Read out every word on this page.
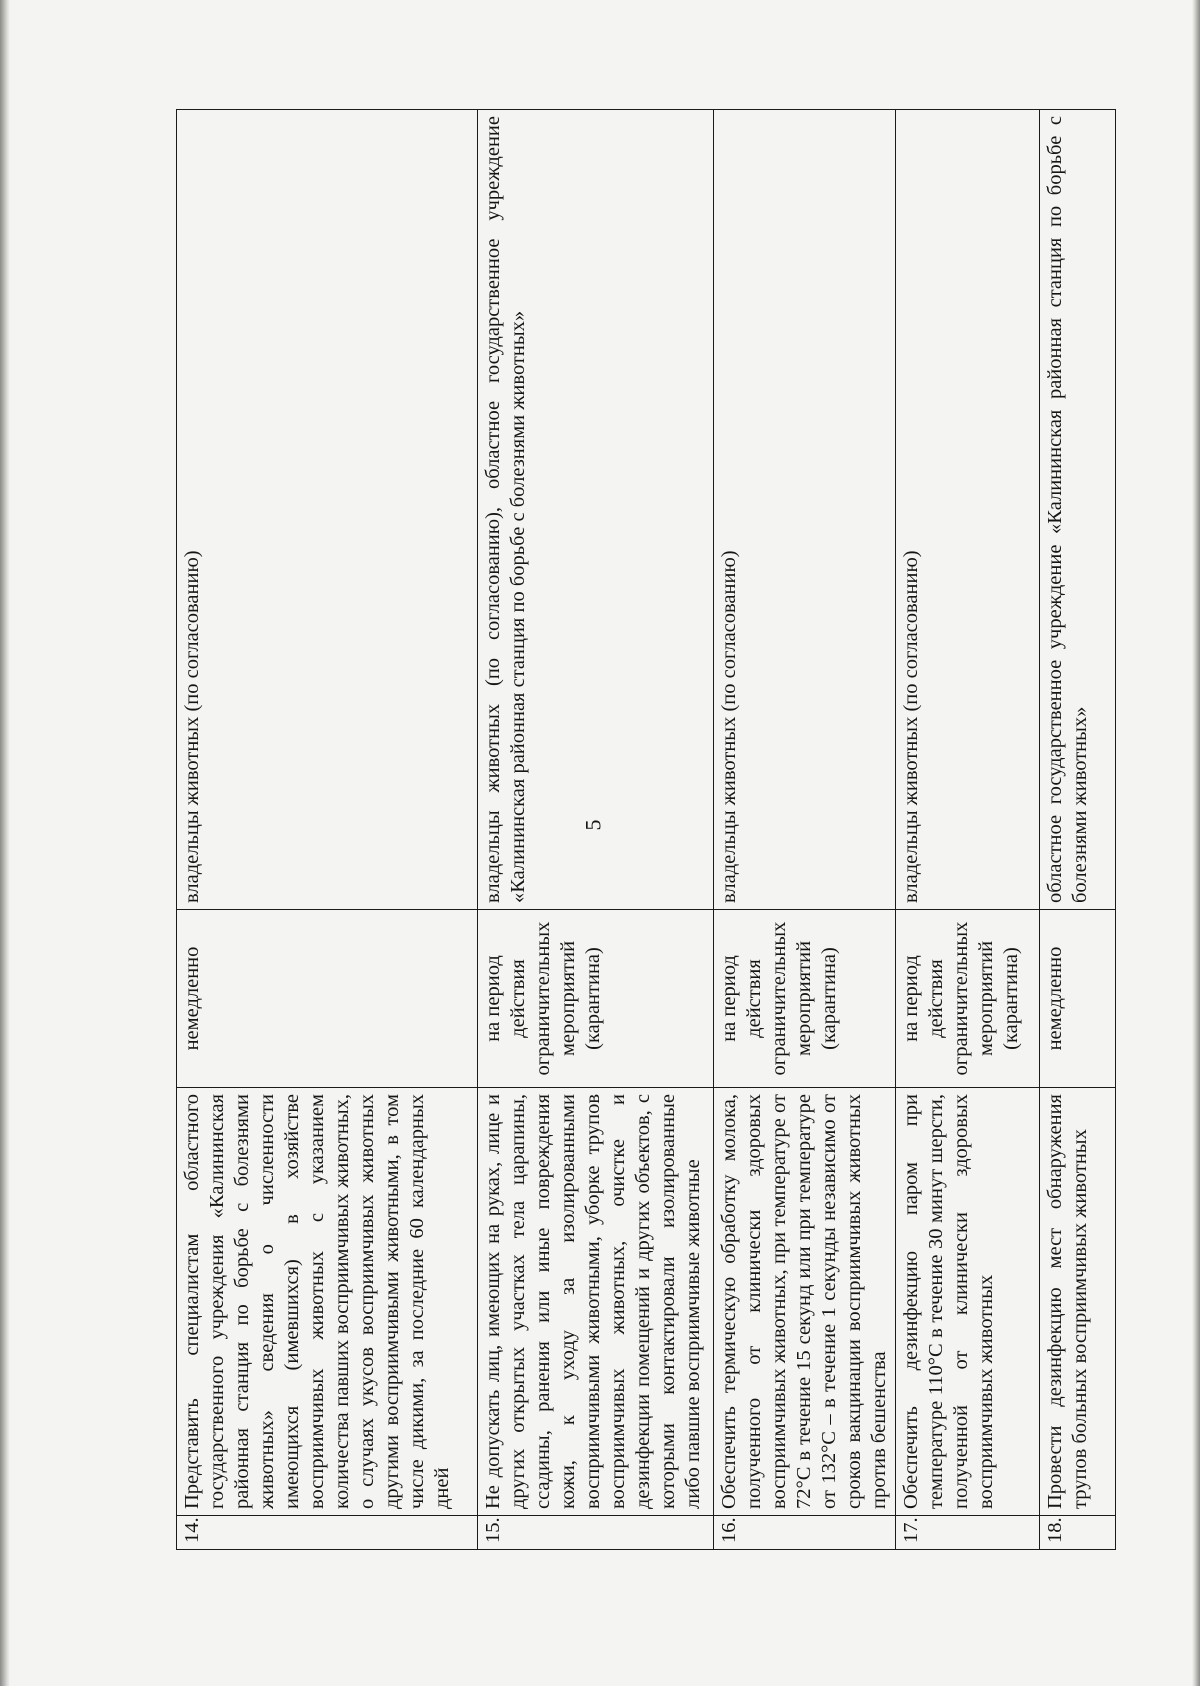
5
14.	Представить специалистам областного государственного учреждения «Калининская районная станция по борьбе с болезнями животных» сведения о численности имеющихся (имевшихся) в хозяйстве восприимчивых животных с указанием количества павших восприимчивых животных, о случаях укусов восприимчивых животных другими восприимчивыми животными, в том числе дикими, за последние 60 календарных дней	немедленно	владельцы животных (по согласованию)
15.	Не допускать лиц, имеющих на руках, лице и других открытых участках тела царапины, ссадины, ранения или иные повреждения кожи, к уходу за изолированными восприимчивыми животными, уборке трупов восприимчивых животных, очистке и дезинфекции помещений и других объектов, с которыми контактировали изолированные либо павшие восприимчивые животные	на период действия ограничительных мероприятий (карантина)	владельцы животных (по согласованию), областное государственное учреждение «Калининская районная станция по борьбе с болезнями животных»
16.	Обеспечить термическую обработку молока, полученного от клинически здоровых восприимчивых животных, при температуре от 72°C в течение 15 секунд или при температуре от 132°C – в течение 1 секунды независимо от сроков вакцинации восприимчивых животных против бешенства	на период действия ограничительных мероприятий (карантина)	владельцы животных (по согласованию)
17.	Обеспечить дезинфекцию паром при температуре 110°C в течение 30 минут шерсти, полученной от клинически здоровых восприимчивых животных	на период действия ограничительных мероприятий (карантина)	владельцы животных (по согласованию)
18.	Провести дезинфекцию мест обнаружения трупов больных восприимчивых животных	немедленно	областное государственное учреждение «Калининская районная станция по борьбе с болезнями животных»
